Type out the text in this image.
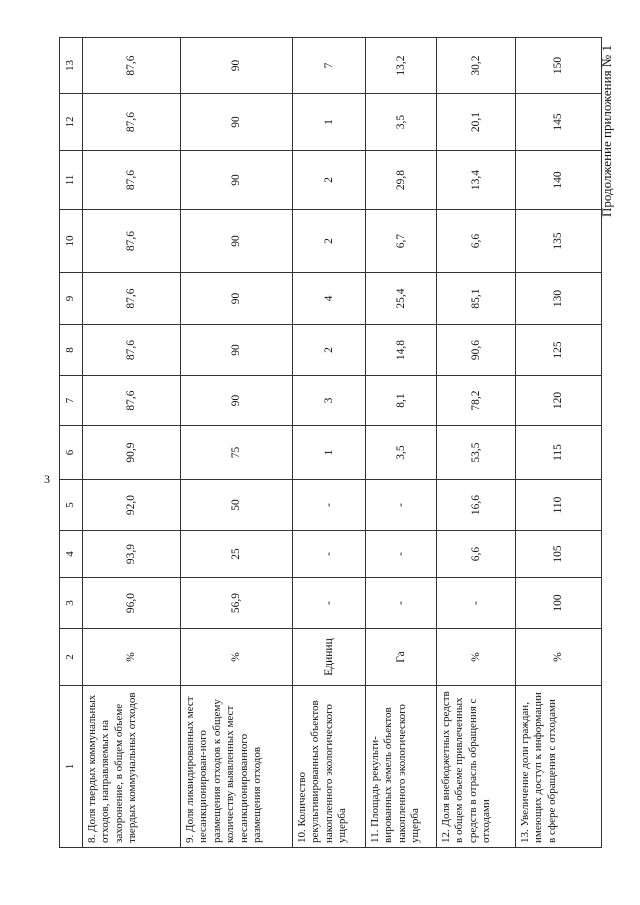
3
Продолжение приложения № 1
1	2	3	4	5	6	7	8	9	10	11	12	13
8. Доля твердых коммунальных отходов, направляемых на захоронение, в общем объеме твердых коммунальных отходов	%	96,0	93,9	92,0	90,9	87,6	87,6	87,6	87,6	87,6	87,6	87,6
9. Доля ликвидированных мест несанкционирован-ного размещения отходов к общему количеству выявленных мест несанкционированного размещения отходов	%	56,9	25	50	75	90	90	90	90	90	90	90
10. Количество рекультивированных объектов накопленного экологического ущерба	Единиц	-	-	-	1	3	2	4	2	2	1	7
11. Площадь рекульти-вированных земель объектов накопленного экологического ущерба	Га	-	-	-	3,5	8,1	14,8	25,4	6,7	29,8	3,5	13,2
12. Доля внебюджетных средств в общем объеме привлеченных средств в отрасль обращения с отходами	%	-	6,6	16,6	53,5	78,2	90,6	85,1	6,6	13,4	20,1	30,2
13. Увеличение доли граждан, имеющих доступ к информации в сфере обращения с отходами	%	100	105	110	115	120	125	130	135	140	145	150
